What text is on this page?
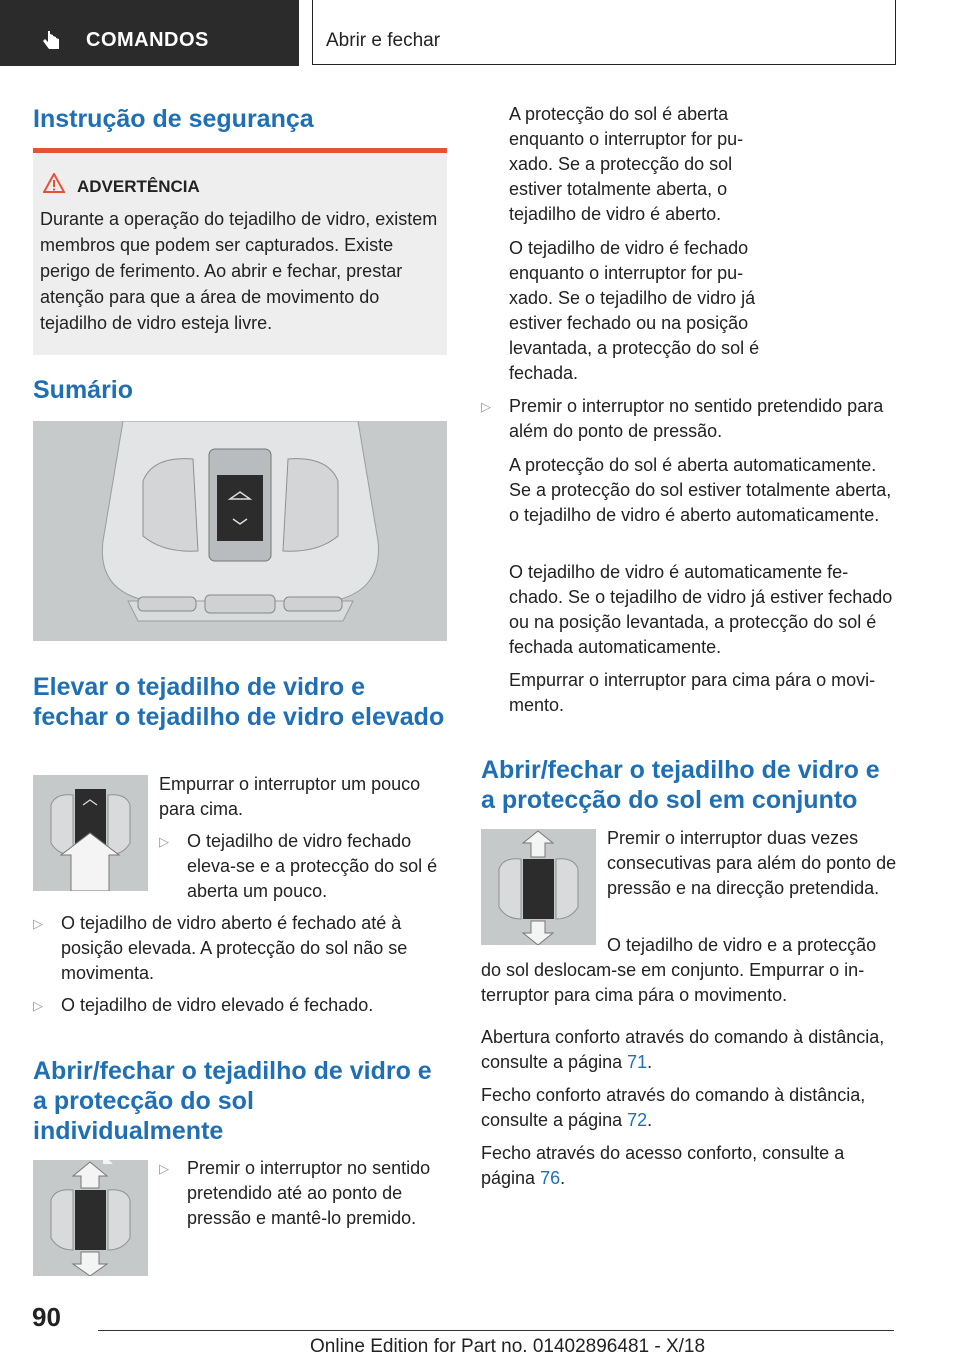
COMANDOS	Abrir e fechar
Instrução de segurança
ADVERTÊNCIA
Durante a operação do tejadilho de vidro, existem membros que podem ser capturados. Existe perigo de ferimento. Ao abrir e fechar, prestar atenção para que a área de movimento do tejadilho de vidro esteja livre.
Sumário
Elevar o tejadilho de vidro e fechar o tejadilho de vidro elevado
Empurrar o interruptor um pouco para cima.
▷ O tejadilho de vidro fechado eleva-se e a protecção do sol é aberta um pouco.
▷ O tejadilho de vidro aberto é fechado até à posição elevada. A protecção do sol não se movimenta.
▷ O tejadilho de vidro elevado é fechado.
Abrir/fechar o tejadilho de vidro e a protecção do sol individualmente
▷ Premir o interruptor no sentido pretendido até ao ponto de pressão e mantê-lo premido.
A protecção do sol é aberta enquanto o interruptor for puxado. Se a protecção do sol estiver totalmente aberta, o tejadilho de vidro é aberto.
O tejadilho de vidro é fechado enquanto o interruptor for puxado. Se o tejadilho de vidro já estiver fechado ou na posição levantada, a protecção do sol é fechada.
▷ Premir o interruptor no sentido pretendido para além do ponto de pressão.
A protecção do sol é aberta automaticamente. Se a protecção do sol estiver totalmente aberta, o tejadilho de vidro é aberto automaticamente.
O tejadilho de vidro é automaticamente fechado. Se o tejadilho de vidro já estiver fechado ou na posição levantada, a protecção do sol é fechada automaticamente.
Empurrar o interruptor para cima pára o movimento.
Abrir/fechar o tejadilho de vidro e a protecção do sol em conjunto
Premir o interruptor duas vezes consecutivas para além do ponto de pressão e na direcção pretendida.
O tejadilho de vidro e a protecção do sol deslocam-se em conjunto. Empurrar o interruptor para cima pára o movimento.
Abertura conforto através do comando à distância, consulte a página 71.
Fecho conforto através do comando à distância, consulte a página 72.
Fecho através do acesso conforto, consulte a página 76.
90
Online Edition for Part no. 01402896481 - X/18
